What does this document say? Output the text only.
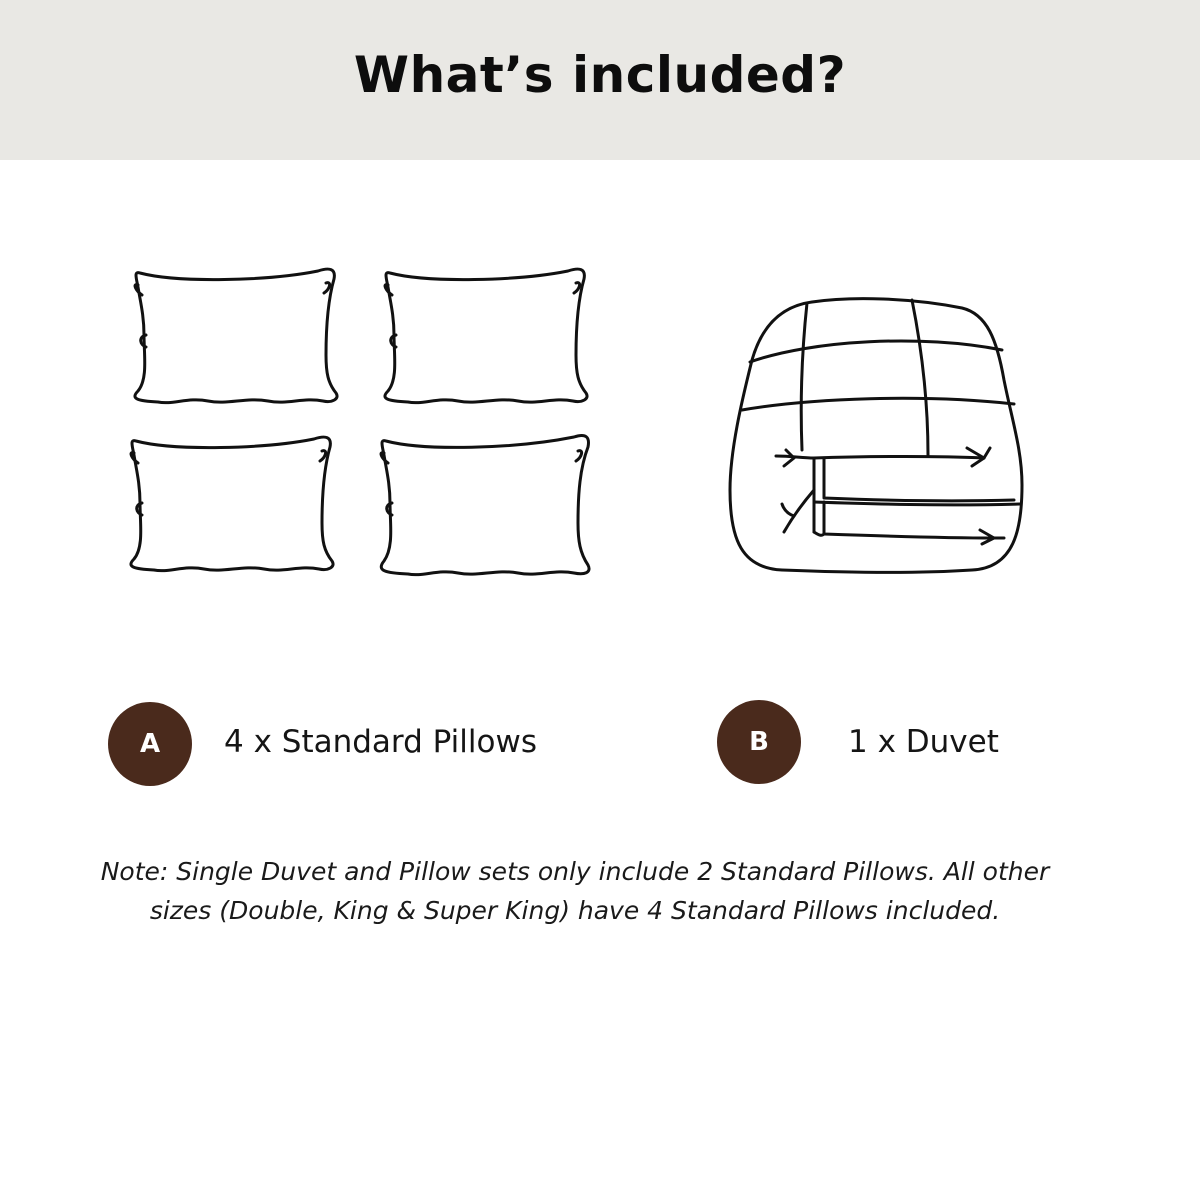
What’s included?
A 4 x Standard Pillows	B	1 x Duvet

Note: Single Duvet and Pillow sets only include 2 Standard Pillows. All other sizes (Double, King & Super King) have 4 Standard Pillows included.
